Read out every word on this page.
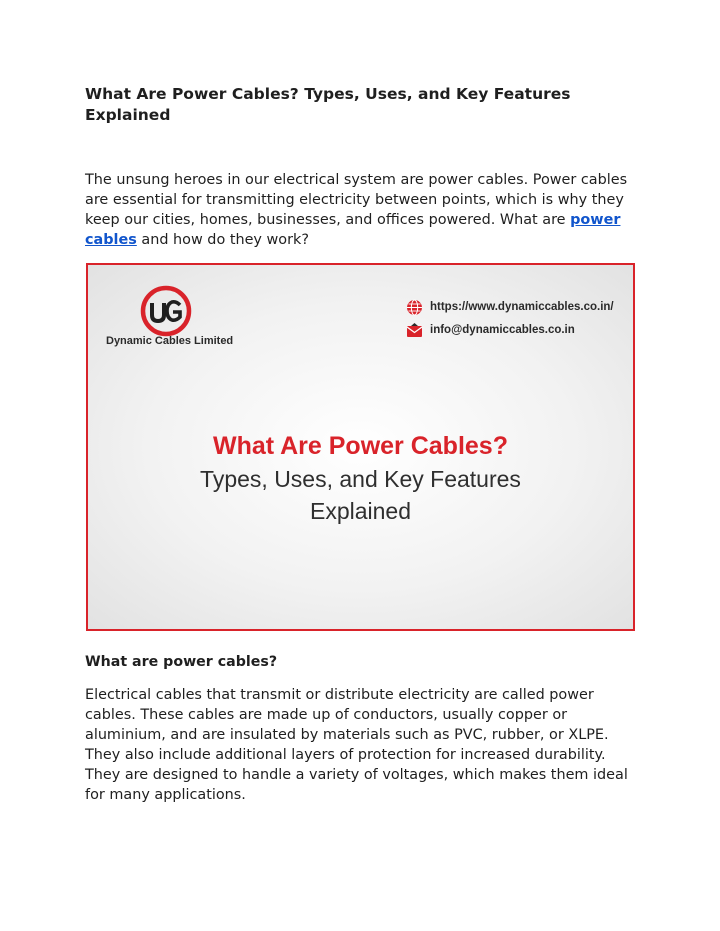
What Are Power Cables? Types, Uses, and Key Features Explained

The unsung heroes in our electrical system are power cables. Power cables are essential for transmitting electricity between points, which is why they keep our cities, homes, businesses, and offices powered. What are power cables and how do they work?

Dynamic Cables Limited
https://www.dynamiccables.co.in/
info@dynamiccables.co.in
What Are Power Cables?
Types, Uses, and Key Features
Explained
What are power cables?

Electrical cables that transmit or distribute electricity are called power cables. These cables are made up of conductors, usually copper or aluminium, and are insulated by materials such as PVC, rubber, or XLPE. They also include additional layers of protection for increased durability. They are designed to handle a variety of voltages, which makes them ideal for many applications.
